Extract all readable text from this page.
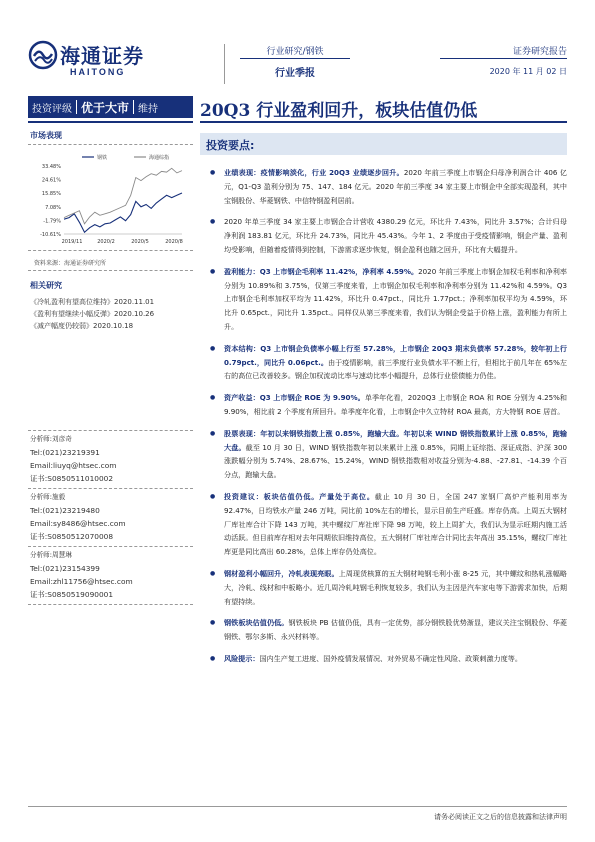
海通证券
HAITONG
行业研究/钢铁
行业季报
证券研究报告
2020 年 11 月 02 日
投资评级 优于大市 维持 20Q3 行业盈利回升，板块估值仍低
市场表现
33.48%
24.61%
15.85%
7.08%
-1.79%
-10.61%
2019/11	2020/2	2020/5	2020/8
钢铁	海通综指
资料来源：海通证券研究所
相关研究
《冷轧盈利有望高位维持》2020.11.01
《盈利有望继续小幅反弹》2020.10.26
《减产幅度仍较弱》2020.10.18
分析师:刘彦奇
Tel:(021)23219391
Email:liuyq@htsec.com
证书:S0850511010002
分析师:施毅
Tel:(021)23219480
Email:sy8486@htsec.com
证书:S0850512070008
分析师:周慧琳
Tel:(021)23154399
Email:zhl11756@htsec.com
证书:S0850519090001
投资要点:
● 业绩表现：疫情影响淡化，行业 20Q3 业绩逐步回升。2020 年前三季度上市钢企归母净利润合计 406 亿元，Q1-Q3 盈利分别为 75、147、184 亿元。2020 年前三季度 34 家主要上市钢企中全部实现盈利，其中宝钢股份、华菱钢铁、中信特钢盈利居前。
● 2020 年单三季度 34 家主要上市钢企合计营收 4380.29 亿元，环比升 7.43%，同比升 3.57%；合计归母净利润 183.81 亿元，环比升 24.73%，同比升 45.43%。今年 1、2 季度由于受疫情影响，钢企产量、盈利均受影响，但随着疫情得到控制，下游需求逐步恢复，钢企盈利也随之回升，环比有大幅提升。
● 盈利能力：Q3 上市钢企毛利率 11.42%，净利率 4.59%。2020 年前三季度上市钢企加权毛利率和净利率分别为 10.89%和 3.75%，仅第三季度来看，上市钢企加权毛利率和净利率分别为 11.42%和 4.59%。Q3 上市钢企毛利率加权平均为 11.42%，环比升 0.47pct.，同比升 1.77pct.；净利率加权平均为 4.59%，环比升 0.65pct.，同比升 1.35pct.。同样仅从第三季度来看，我们认为钢企受益于价格上涨，盈利能力有所上升。
● 资本结构：Q3 上市钢企负债率小幅上行至 57.28%，上市钢企 20Q3 期末负债率 57.28%，较年初上行 0.79pct.，同比升 0.06pct.。由于疫情影响，前三季度行业负债水平不断上行，但相比于前几年在 65%左右的高位已改善较多。钢企加权流动比率与速动比率小幅提升，总体行业偿债能力仍佳。
● 资产收益：Q3 上市钢企 ROE 为 9.90%。单季年化看，2020Q3 上市钢企 ROA 和 ROE 分别为 4.25%和 9.90%，相比前 2 个季度有所回升。单季度年化看，上市钢企中久立特材 ROA 最高，方大特钢 ROE 居首。
● 股票表现：年初以来钢铁指数上涨 0.85%，跑输大盘。年初以来 WIND 钢铁指数累计上涨 0.85%，跑输大盘。截至 10 月 30 日，WIND 钢铁指数年初以来累计上涨 0.85%，同期上证综指、深证成指、沪深 300 涨跌幅分别为 5.74%、28.67%、15.24%，WIND 钢铁指数相对收益分别为-4.88、-27.81、-14.39 个百分点，跑输大盘。
● 投资建议：板块估值仍低。产量处于高位。截止 10 月 30 日，全国 247 家钢厂高炉产能利用率为 92.47%，日均铁水产量 246 万吨，同比前 10%左右的增长，显示目前生产旺盛。库存仍高。上周五大钢材厂库社库合计下降 143 万吨，其中螺纹厂库社库下降 98 万吨，较上上周扩大，我们认为显示旺期内施工活动活跃。但目前库存相对去年同期依旧维持高位，五大钢材厂库社库合计同比去年高出 35.15%，螺纹厂库社库更是同比高出 60.28%，总体上库存仍处高位。
● 钢材盈利小幅回升，冷轧表现亮眼。上周现货核算的五大钢材吨钢毛利小涨 8-25 元，其中螺纹和热轧涨幅略大，冷轧、线材和中板略小。近几周冷轧吨钢毛利恢复较多，我们认为主因是汽车家电等下游需求加快，后期有望持续。
● 钢铁板块估值仍低。钢铁板块 PB 估值仍低，具有一定优势，部分钢铁股优势渐显，建议关注宝钢股份、华菱钢铁、鄂尔多斯、永兴材料等。
● 风险提示：国内生产复工进度、国外疫情发展情况、对外贸易不确定性风险、政策刺激力度等。
请务必阅读正文之后的信息披露和法律声明
